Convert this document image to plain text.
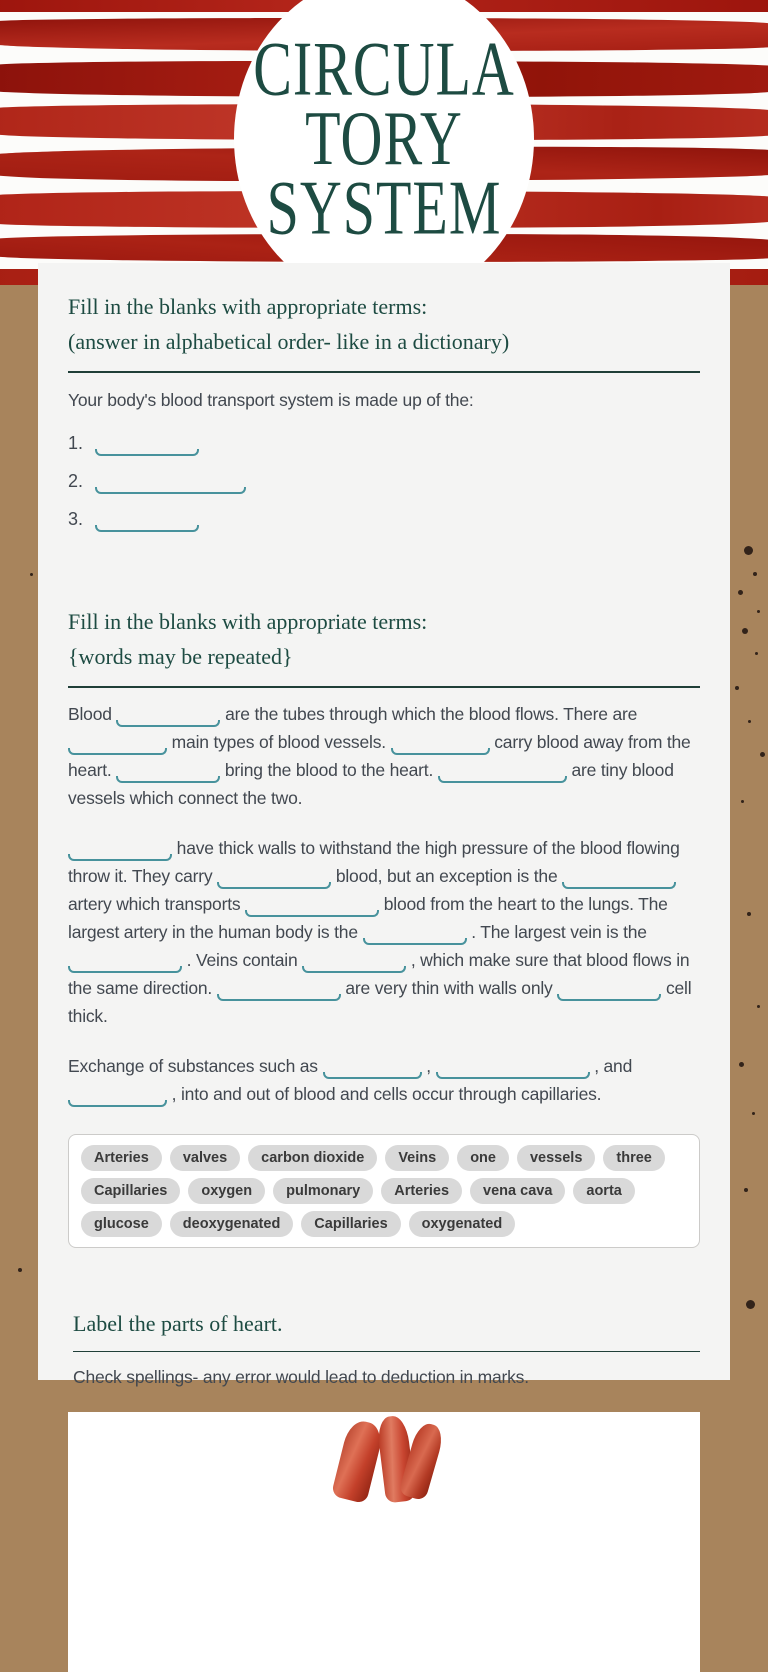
CIRCULA
TORY
SYSTEM
Fill in the blanks with appropriate terms:
(answer in alphabetical order- like in a dictionary)

Your body's blood transport system is made up of the:

1.
2.
3.
Fill in the blanks with appropriate terms:
{words may be repeated}

Blood	are the tubes through which the blood flows. There are  main types of blood vessels.	carry blood away from the heart.	bring the blood to the heart.	are tiny blood vessels which connect the two.

have thick walls to withstand the high pressure of the blood flowing throw it. They carry	blood, but an exception is the  artery which transports	blood from the heart to the lungs. The largest artery in the human body is the	. The largest vein is the  . Veins contain	, which make sure that blood flows in the same direction.	are very thin with walls only	cell thick.

Exchange of substances such as	,	, and  , into and out of blood and cells occur through capillaries.

Arteries	valves	carbon dioxide	Veins	one	vessels	three
Capillaries	oxygen	pulmonary	Arteries	vena cava	aorta
glucose	deoxygenated	Capillaries	oxygenated
Label the parts of heart.

Check spellings- any error would lead to deduction in marks.
